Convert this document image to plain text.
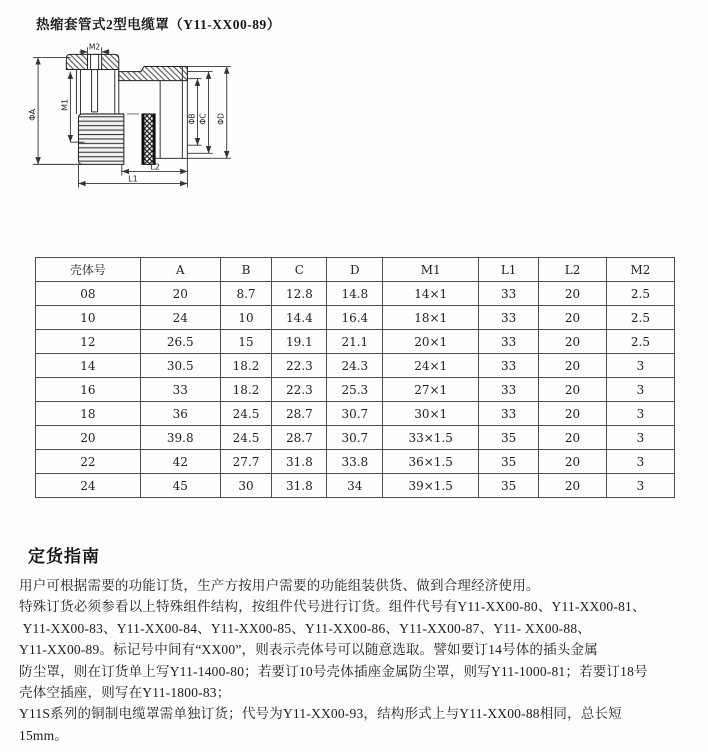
热缩套管式2型电缆罩（Y11-XX00-89）
ΦA
M1
M2
ΦB ΦC ΦD
L2
L1
壳体号	A	B	C	D	M1	L1	L2	M2
08	20	8.7	12.8	14.8	14×1	33	20	2.5
10	24	10	14.4	16.4	18×1	33	20	2.5
12	26.5	15	19.1	21.1	20×1	33	20	2.5
14	30.5	18.2	22.3	24.3	24×1	33	20	3
16	33	18.2	22.3	25.3	27×1	33	20	3
18	36	24.5	28.7	30.7	30×1	33	20	3
20	39.8	24.5	28.7	30.7	33×1.5	35	20	3
22	42	27.7	31.8	33.8	36×1.5	35	20	3
24	45	30	31.8	34	39×1.5	35	20	3
定货指南
用户可根据需要的功能订货，生产方按用户需要的功能组装供货、做到合理经济使用。
特殊订货必须参看以上特殊组件结构，按组件代号进行订货。组件代号有Y11-XX00-80、Y11-XX00-81、
Y11-XX00-83、Y11-XX00-84、Y11-XX00-85、Y11-XX00-86、Y11-XX00-87、Y11- XX00-88、
Y11-XX00-89。标记号中间有“XX00”，则表示壳体号可以随意选取。譬如要订14号体的插头金属
防尘罩，则在订货单上写Y11-1400-80；若要订10号壳体插座金属防尘罩，则写Y11-1000-81；若要订18号
壳体空插座，则写在Y11-1800-83；
Y11S系列的铜制电缆罩需单独订货；代号为Y11-XX00-93，结构形式上与Y11-XX00-88相同，总长短
15mm。
